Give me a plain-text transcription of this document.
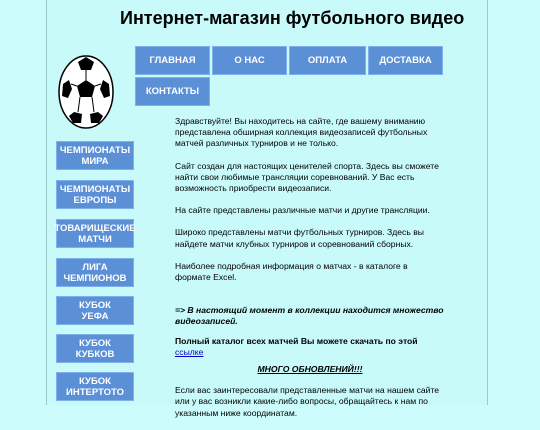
Интернет-магазин футбольного видео
ГЛАВНАЯ	О НАС	ОПЛАТА	ДОСТАВКА
КОНТАКТЫ
ЧЕМПИОНАТЫ
МИРА
ЧЕМПИОНАТЫ
ЕВРОПЫ
ТОВАРИЩЕСКИЕ
МАТЧИ
ЛИГА
ЧЕМПИОНОВ
КУБОК
УЕФА
КУБОК
КУБКОВ
КУБОК
ИНТЕРТОТО

Здравствуйте! Вы находитесь на сайте, где вашему вниманию представлена обширная коллекция видеозаписей футбольных матчей различных турниров и не только.

Сайт создан для настоящих ценителей спорта. Здесь вы сможете найти свои любимые трансляции соревнований. У Вас есть возможность приобрести видеозаписи.

На сайте представлены различные матчи и другие трансляции.

Широко представлены матчи футбольных турниров. Здесь вы найдете матчи клубных турниров и соревнований сборных.

Наиболее подробная информация о матчах - в каталоге в формате Excel.

=> В настоящий момент в коллекции находится множество видеозаписей.

Полный каталог всех матчей Вы можете скачать по этой ссылке

МНОГО ОБНОВЛЕНИЙ!!!

Если вас заинтересовали представленные матчи на нашем сайте или у вас возникли какие-либо вопросы, обращайтесь к нам по указанным ниже координатам.
